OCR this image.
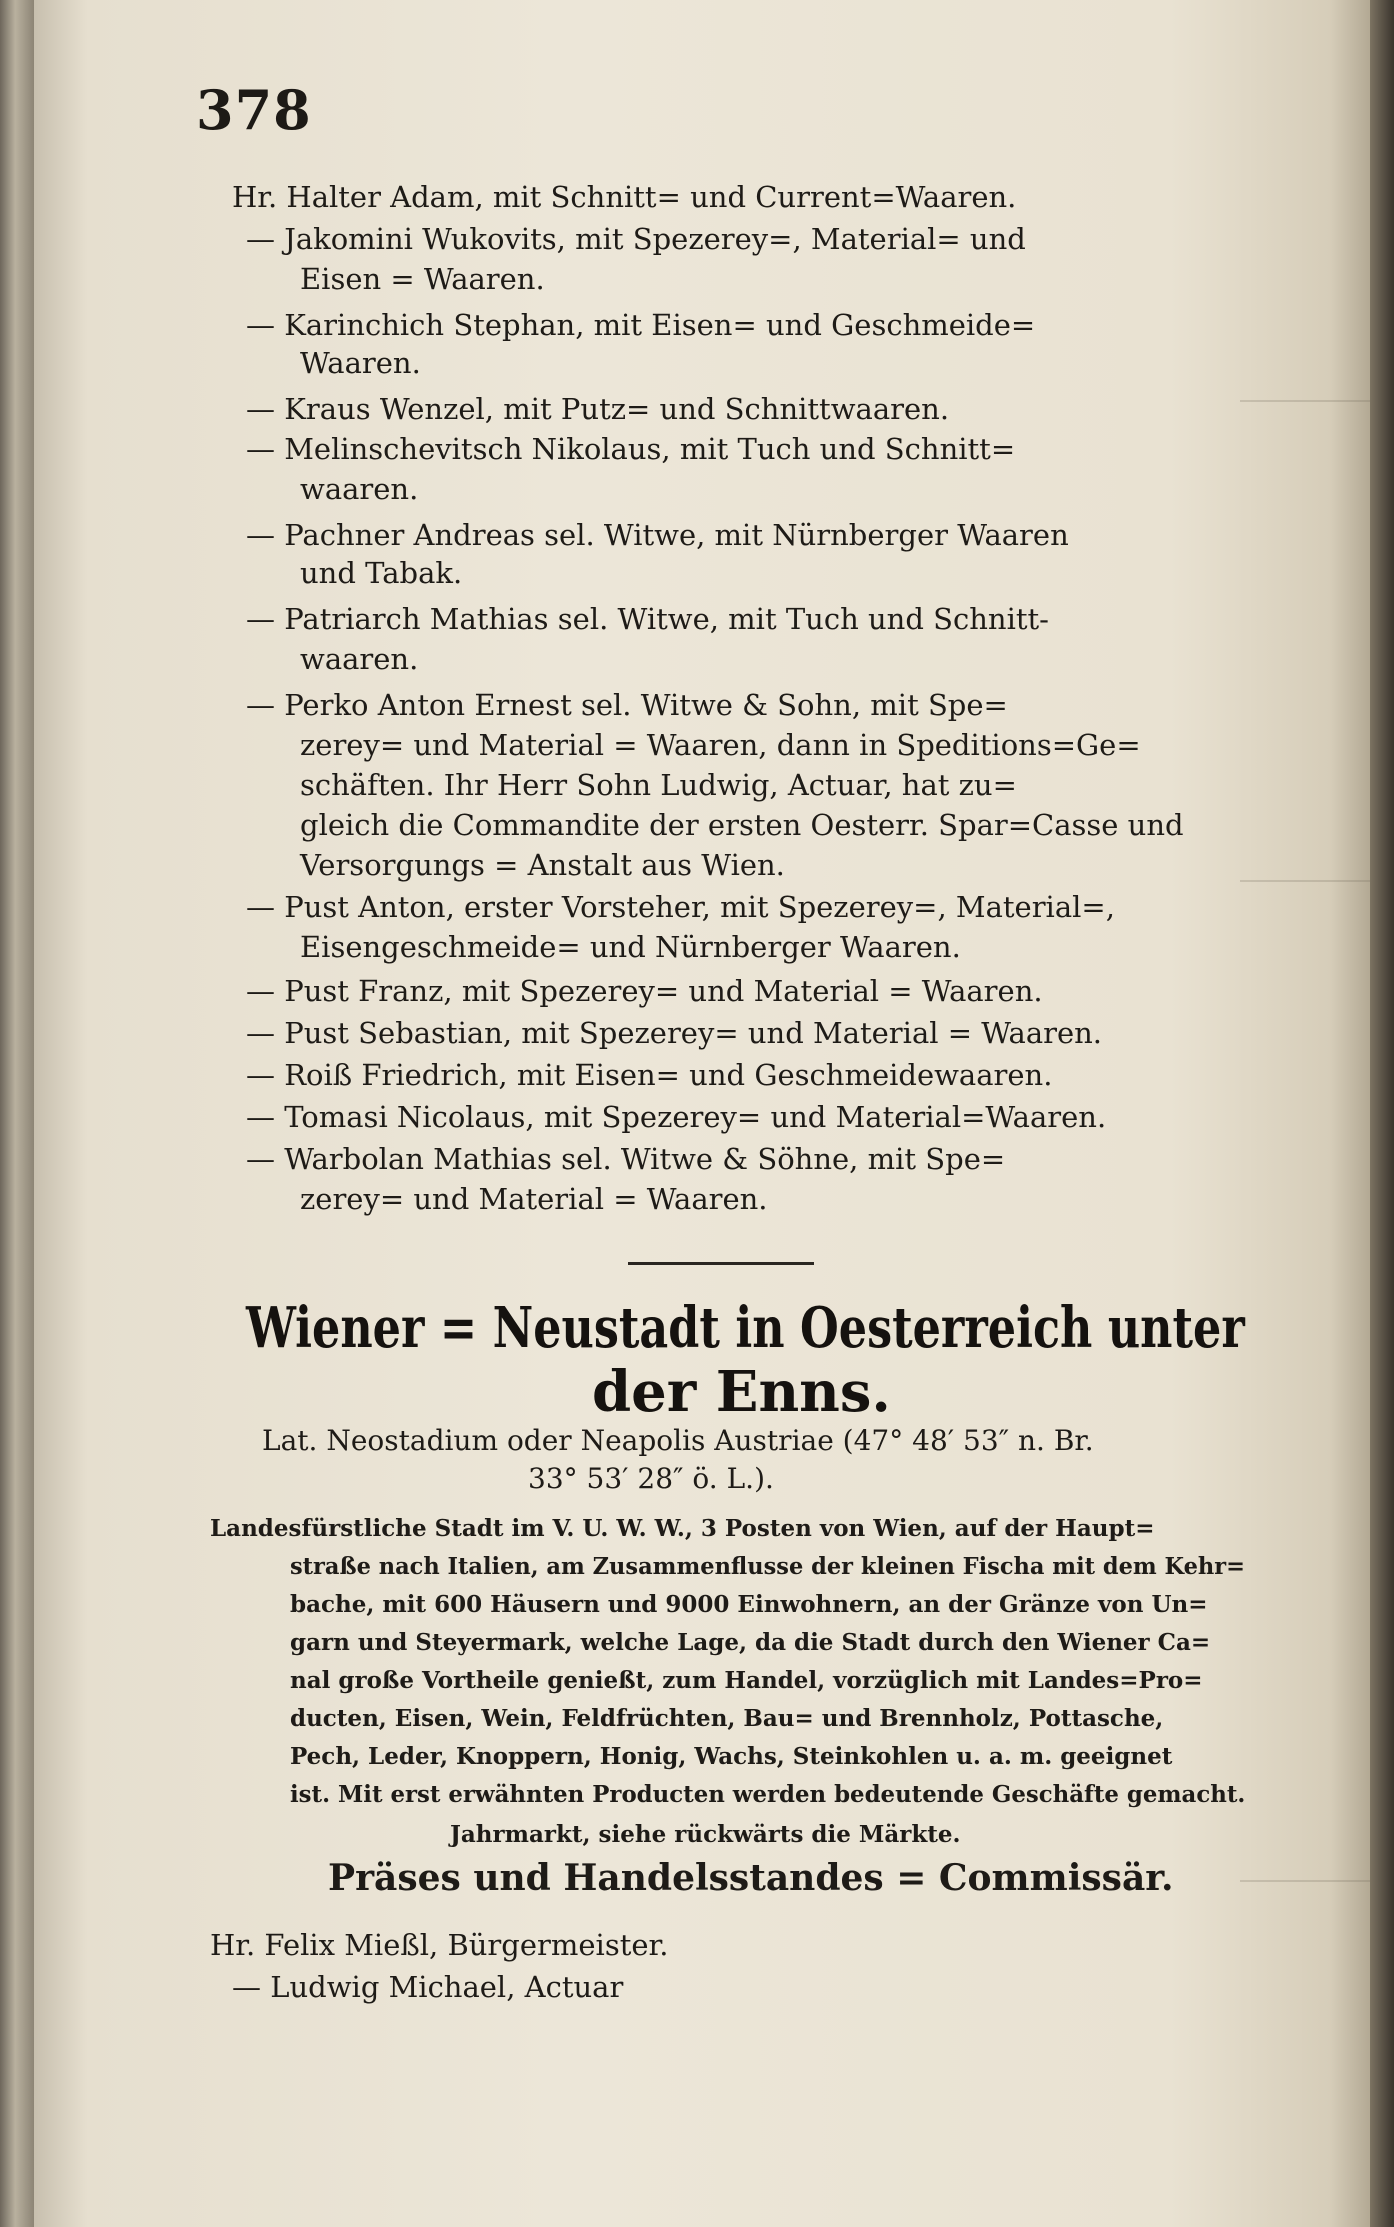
378
Hr. Halter Adam, mit Schnitt= und Current=Waaren.
— Jakomini Wukovits, mit Spezerey=, Material= und
Eisen = Waaren.
— Karinchich Stephan, mit Eisen= und Geschmeide=
Waaren.
— Kraus Wenzel, mit Putz= und Schnittwaaren.
— Melinschevitsch Nikolaus, mit Tuch und Schnitt=
waaren.
— Pachner Andreas sel. Witwe, mit Nürnberger Waaren
und Tabak.
— Patriarch Mathias sel. Witwe, mit Tuch und Schnitt-
waaren.
— Perko Anton Ernest sel. Witwe & Sohn, mit Spe=
zerey= und Material = Waaren, dann in Speditions=Ge=
schäften. Ihr Herr Sohn Ludwig, Actuar, hat zu=
gleich die Commandite der ersten Oesterr. Spar=Casse und
Versorgungs = Anstalt aus Wien.
— Pust Anton, erster Vorsteher, mit Spezerey=, Material=,
Eisengeschmeide= und Nürnberger Waaren.
— Pust Franz, mit Spezerey= und Material = Waaren.
— Pust Sebastian, mit Spezerey= und Material = Waaren.
— Roiß Friedrich, mit Eisen= und Geschmeidewaaren.
— Tomasi Nicolaus, mit Spezerey= und Material=Waaren.
— Warbolan Mathias sel. Witwe & Söhne, mit Spe=
zerey= und Material = Waaren.
Wiener = Neustadt in Oesterreich unter
der Enns.
Lat. Neostadium oder Neapolis Austriae (47° 48′ 53″ n. Br.
33° 53′ 28″ ö. L.).
Landesfürstliche Stadt im V. U. W. W., 3 Posten von Wien, auf der Haupt=
straße nach Italien, am Zusammenflusse der kleinen Fischa mit dem Kehr=
bache, mit 600 Häusern und 9000 Einwohnern, an der Gränze von Un=
garn und Steyermark, welche Lage, da die Stadt durch den Wiener Ca=
nal große Vortheile genießt, zum Handel, vorzüglich mit Landes=Pro=
ducten, Eisen, Wein, Feldfrüchten, Bau= und Brennholz, Pottasche,
Pech, Leder, Knoppern, Honig, Wachs, Steinkohlen u. a. m. geeignet
ist. Mit erst erwähnten Producten werden bedeutende Geschäfte gemacht.
Jahrmarkt, siehe rückwärts die Märkte.
Präses und Handelsstandes = Commissär.
Hr. Felix Mießl, Bürgermeister.
— Ludwig Michael, Actuar
